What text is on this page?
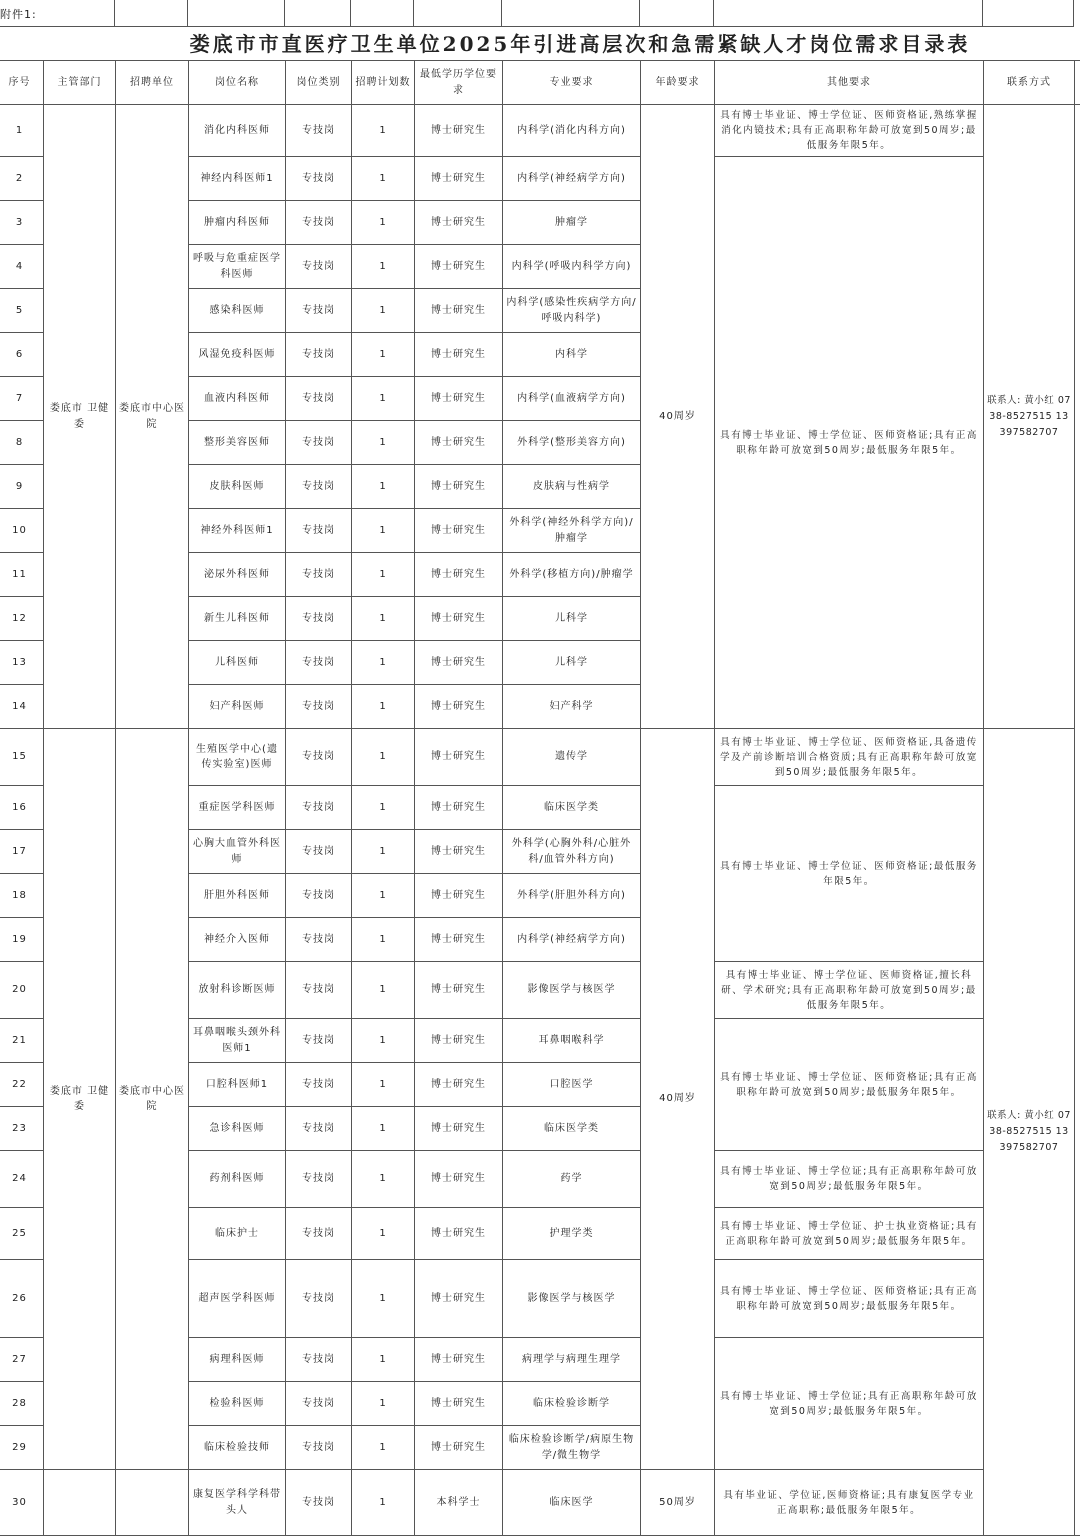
附件1:
娄底市市直医疗卫生单位2025年引进高层次和急需紧缺人才岗位需求目录表
序号	主管部门	招聘单位	岗位名称	岗位类别	招聘计划数	最低学历学位要求	专业要求	年龄要求	其他要求	联系方式	
1	娄底市 卫健委	娄底市中心医院	消化内科医师	专技岗	1	博士研究生	内科学(消化内科方向)	40周岁	具有博士毕业证、博士学位证、医师资格证,熟练掌握消化内镜技术;具有正高职称年龄可放宽到50周岁;最低服务年限5年。	联系人: 黄小红 0738-8527515 13397582707	
2			神经内科医师1	专技岗	1	博士研究生	内科学(神经病学方向)		具有博士毕业证、博士学位证、医师资格证;具有正高职称年龄可放宽到50周岁;最低服务年限5年。		
3			肿瘤内科医师	专技岗	1	博士研究生	肿瘤学				
4			呼吸与危重症医学科医师	专技岗	1	博士研究生	内科学(呼吸内科学方向)				
5			感染科医师	专技岗	1	博士研究生	内科学(感染性疾病学方向/呼吸内科学)				
6			风湿免疫科医师	专技岗	1	博士研究生	内科学				
7			血液内科医师	专技岗	1	博士研究生	内科学(血液病学方向)				
8			整形美容医师	专技岗	1	博士研究生	外科学(整形美容方向)				
9			皮肤科医师	专技岗	1	博士研究生	皮肤病与性病学				
10			神经外科医师1	专技岗	1	博士研究生	外科学(神经外科学方向)/肿瘤学				
11			泌尿外科医师	专技岗	1	博士研究生	外科学(移植方向)/肿瘤学				
12			新生儿科医师	专技岗	1	博士研究生	儿科学				
13			儿科医师	专技岗	1	博士研究生	儿科学				
14			妇产科医师	专技岗	1	博士研究生	妇产科学				
15	娄底市 卫健委	娄底市中心医院	生殖医学中心(遗传实验室)医师	专技岗	1	博士研究生	遗传学	40周岁	具有博士毕业证、博士学位证、医师资格证,具备遗传学及产前诊断培训合格资质;具有正高职称年龄可放宽到50周岁;最低服务年限5年。	联系人: 黄小红 0738-8527515 13397582707	
16			重症医学科医师	专技岗	1	博士研究生	临床医学类		具有博士毕业证、博士学位证、医师资格证;最低服务年限5年。		
17			心胸大血管外科医师	专技岗	1	博士研究生	外科学(心胸外科/心脏外科/血管外科方向)				
18			肝胆外科医师	专技岗	1	博士研究生	外科学(肝胆外科方向)				
19			神经介入医师	专技岗	1	博士研究生	内科学(神经病学方向)				
20			放射科诊断医师	专技岗	1	博士研究生	影像医学与核医学		具有博士毕业证、博士学位证、医师资格证,擅长科研、学术研究;具有正高职称年龄可放宽到50周岁;最低服务年限5年。		
21			耳鼻咽喉头颈外科医师1	专技岗	1	博士研究生	耳鼻咽喉科学		具有博士毕业证、博士学位证、医师资格证;具有正高职称年龄可放宽到50周岁;最低服务年限5年。		
22			口腔科医师1	专技岗	1	博士研究生	口腔医学				
23			急诊科医师	专技岗	1	博士研究生	临床医学类				
24			药剂科医师	专技岗	1	博士研究生	药学		具有博士毕业证、博士学位证;具有正高职称年龄可放宽到50周岁;最低服务年限5年。		
25			临床护士	专技岗	1	博士研究生	护理学类		具有博士毕业证、博士学位证、护士执业资格证;具有正高职称年龄可放宽到50周岁;最低服务年限5年。		
26			超声医学科医师	专技岗	1	博士研究生	影像医学与核医学		具有博士毕业证、博士学位证、医师资格证;具有正高职称年龄可放宽到50周岁;最低服务年限5年。		
27			病理科医师	专技岗	1	博士研究生	病理学与病理生理学		具有博士毕业证、博士学位证;具有正高职称年龄可放宽到50周岁;最低服务年限5年。		
28			检验科医师	专技岗	1	博士研究生	临床检验诊断学				
29			临床检验技师	专技岗	1	博士研究生	临床检验诊断学/病原生物学/微生物学				
30			康复医学科学科带头人	专技岗	1	本科学士	临床医学	50周岁	具有毕业证、学位证,医师资格证;具有康复医学专业正高职称;最低服务年限5年。		
